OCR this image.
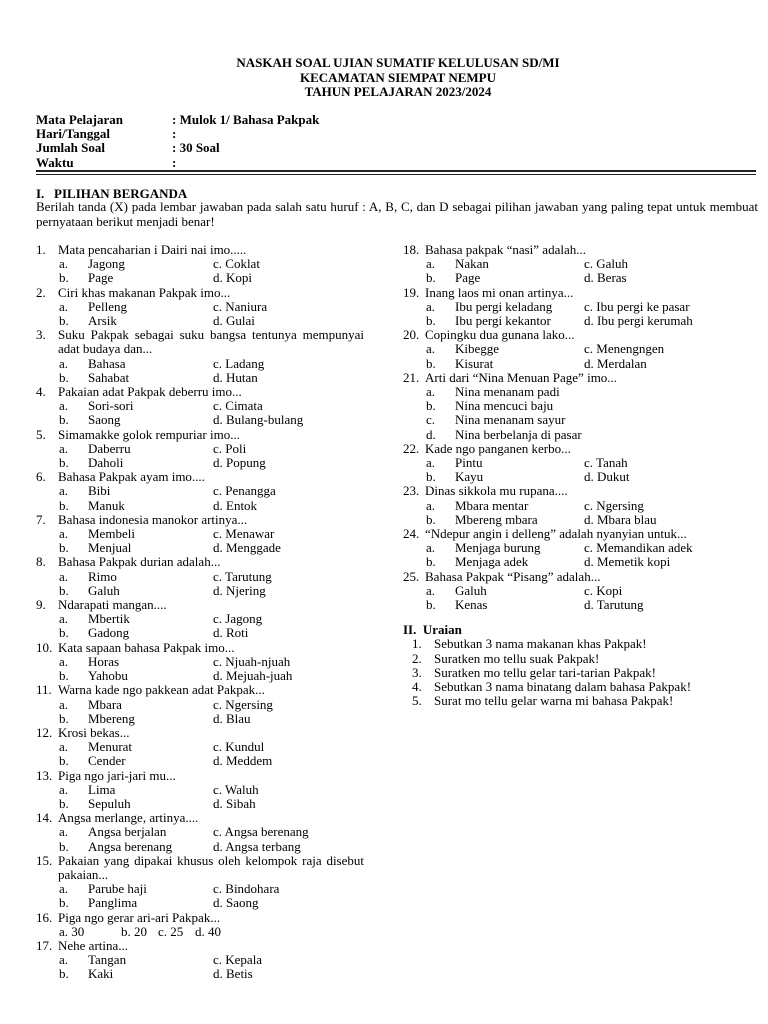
NASKAH SOAL UJIAN SUMATIF KELULUSAN SD/MI
KECAMATAN SIEMPAT NEMPU
TAHUN PELAJARAN 2023/2024
Mata Pelajaran	: Mulok 1/ Bahasa Pakpak
Hari/Tanggal	:
Jumlah Soal	: 30 Soal
Waktu	:
I.   PILIHAN BERGANDA
Berilah tanda (X) pada lembar jawaban pada salah satu huruf : A, B, C, dan D sebagai pilihan jawaban yang paling tepat untuk membuat pernyataan berikut menjadi benar!
1. Mata pencaharian i Dairi nai imo.....
a.	Jagong	c. Coklat
b.	Page	d. Kopi
2. Ciri khas makanan Pakpak imo...
a.	Pelleng	c. Naniura
b.	Arsik	d. Gulai
3. Suku Pakpak sebagai suku bangsa tentunya mempunyai adat budaya dan...
a.	Bahasa	c. Ladang
b.	Sahabat	d. Hutan
4. Pakaian adat Pakpak deberru imo...
a.	Sori-sori	c. Cimata
b.	Saong	d. Bulang-bulang
5. Simamakke golok rempuriar imo...
a.	Daberru	c. Poli
b.	Daholi	d. Popung
6. Bahasa Pakpak ayam imo....
a.	Bibi	c. Penangga
b.	Manuk	d. Entok
7. Bahasa indonesia manokor artinya...
a.	Membeli	c. Menawar
b.	Menjual	d. Menggade
8. Bahasa Pakpak durian adalah...
a.	Rimo	c. Tarutung
b.	Galuh	d. Njering
9. Ndarapati mangan....
a.	Mbertik	c. Jagong
b.	Gadong	d. Roti
10. Kata sapaan bahasa Pakpak imo...
a.	Horas	c. Njuah-njuah
b.	Yahobu	d. Mejuah-juah
11. Warna kade ngo pakkean adat Pakpak...
a.	Mbara	c. Ngersing
b.	Mbereng	d. Blau
12. Krosi bekas...
a.	Menurat	c. Kundul
b.	Cender	d. Meddem
13. Piga ngo jari-jari mu...
a.	Lima	c. Waluh
b.	Sepuluh	d. Sibah
14. Angsa merlange, artinya....
a.	Angsa berjalan	c. Angsa berenang
b.	Angsa berenang	d. Angsa terbang
15. Pakaian yang dipakai khusus oleh kelompok raja disebut pakaian...
a.	Parube haji	c. Bindohara
b.	Panglima	d. Saong
16. Piga ngo gerar ari-ari Pakpak...
a. 30	b. 20 c. 25 d. 40
17. Nehe artina...
a.	Tangan	c. Kepala
b.	Kaki	d. Betis
18. Bahasa pakpak “nasi” adalah...
a.	Nakan	c. Galuh
b.	Page	d. Beras
19. Inang laos mi onan artinya...
a.	Ibu pergi keladang c. Ibu pergi ke pasar
b.	Ibu pergi kekantor	d. Ibu pergi kerumah
20. Copingku dua gunana lako...
a.	Kibegge	c. Menengngen
b.	Kisurat	d. Merdalan
21. Arti dari “Nina Menuan Page” imo...
a.	Nina menanam padi
b.	Nina mencuci baju
c.	Nina menanam sayur
d.	Nina berbelanja di pasar
22. Kade ngo panganen kerbo...
a.	Pintu	c. Tanah
b.	Kayu	d. Dukut
23. Dinas sikkola mu rupana....
a.	Mbara mentar	c. Ngersing
b.	Mbereng mbara	d. Mbara blau
24. “Ndepur angin i delleng” adalah nyanyian untuk...
a.	Menjaga burung	c. Memandikan adek
b.	Menjaga adek	d. Memetik kopi
25. Bahasa Pakpak “Pisang” adalah...
a.	Galuh	c. Kopi
b.	Kenas	d. Tarutung
II.  Uraian
1. Sebutkan 3 nama makanan khas Pakpak!
2. Suratken mo tellu suak Pakpak!
3. Suratken mo tellu gelar tari-tarian Pakpak!
4. Sebutkan 3 nama binatang dalam bahasa Pakpak!
5. Surat mo tellu gelar warna mi bahasa Pakpak!
